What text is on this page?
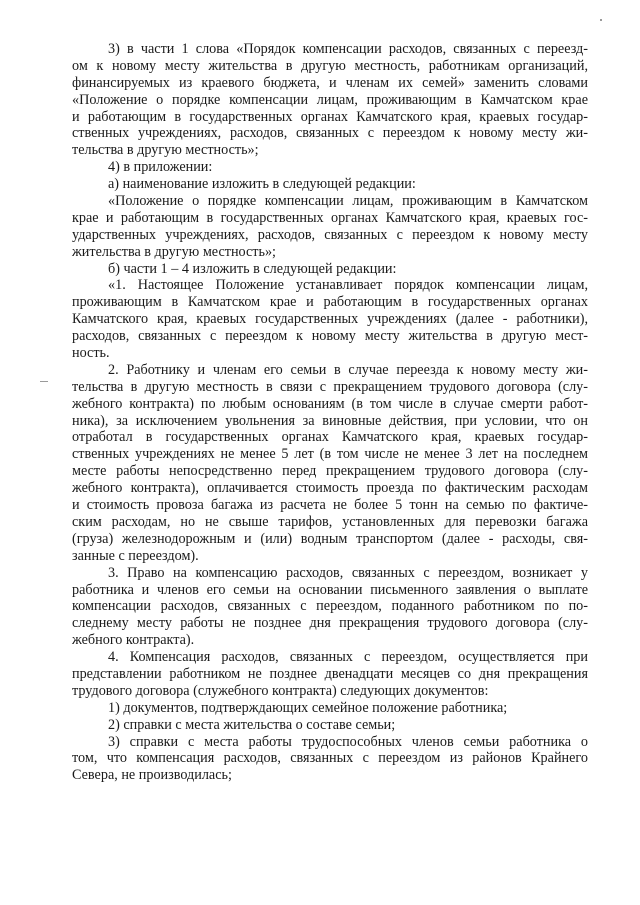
3) в части 1 слова «Порядок компенсации расходов, связанных с переезд-
ом к новому месту жительства в другую местность, работникам организаций,
финансируемых из краевого бюджета, и членам их семей» заменить словами
«Положение о порядке компенсации лицам, проживающим в Камчатском крае
и работающим в государственных органах Камчатского края, краевых государ-
ственных учреждениях, расходов, связанных с переездом к новому месту жи-
тельства в другую местность»;
4) в приложении:
а) наименование изложить в следующей редакции:
«Положение о порядке компенсации лицам, проживающим в Камчатском
крае и работающим в государственных органах Камчатского края, краевых гос-
ударственных учреждениях, расходов, связанных с переездом к новому месту
жительства в другую местность»;
б) части 1 – 4 изложить в следующей редакции:
«1. Настоящее Положение устанавливает порядок компенсации лицам,
проживающим в Камчатском крае и работающим в государственных органах
Камчатского края, краевых государственных учреждениях (далее - работники),
расходов, связанных с переездом к новому месту жительства в другую мест-
ность.
2. Работнику и членам его семьи в случае переезда к новому месту жи-
тельства в другую местность в связи с прекращением трудового договора (слу-
жебного контракта) по любым основаниям (в том числе в случае смерти работ-
ника), за исключением увольнения за виновные действия, при условии, что он
отработал в государственных органах Камчатского края, краевых государ-
ственных учреждениях не менее 5 лет (в том числе не менее 3 лет на последнем
месте работы непосредственно перед прекращением трудового договора (слу-
жебного контракта), оплачивается стоимость проезда по фактическим расходам
и стоимость провоза багажа из расчета не более 5 тонн на семью по фактиче-
ским расходам, но не свыше тарифов, установленных для перевозки багажа
(груза) железнодорожным и (или) водным транспортом (далее - расходы, свя-
занные с переездом).
3. Право на компенсацию расходов, связанных с переездом, возникает у
работника и членов его семьи на основании письменного заявления о выплате
компенсации расходов, связанных с переездом, поданного работником по по-
следнему месту работы не позднее дня прекращения трудового договора (слу-
жебного контракта).
4. Компенсация расходов, связанных с переездом, осуществляется при
представлении работником не позднее двенадцати месяцев со дня прекращения
трудового договора (служебного контракта) следующих документов:
1) документов, подтверждающих семейное положение работника;
2) справки с места жительства о составе семьи;
3) справки с места работы трудоспособных членов семьи работника о
том, что компенсация расходов, связанных с переездом из районов Крайнего
Севера, не производилась;
